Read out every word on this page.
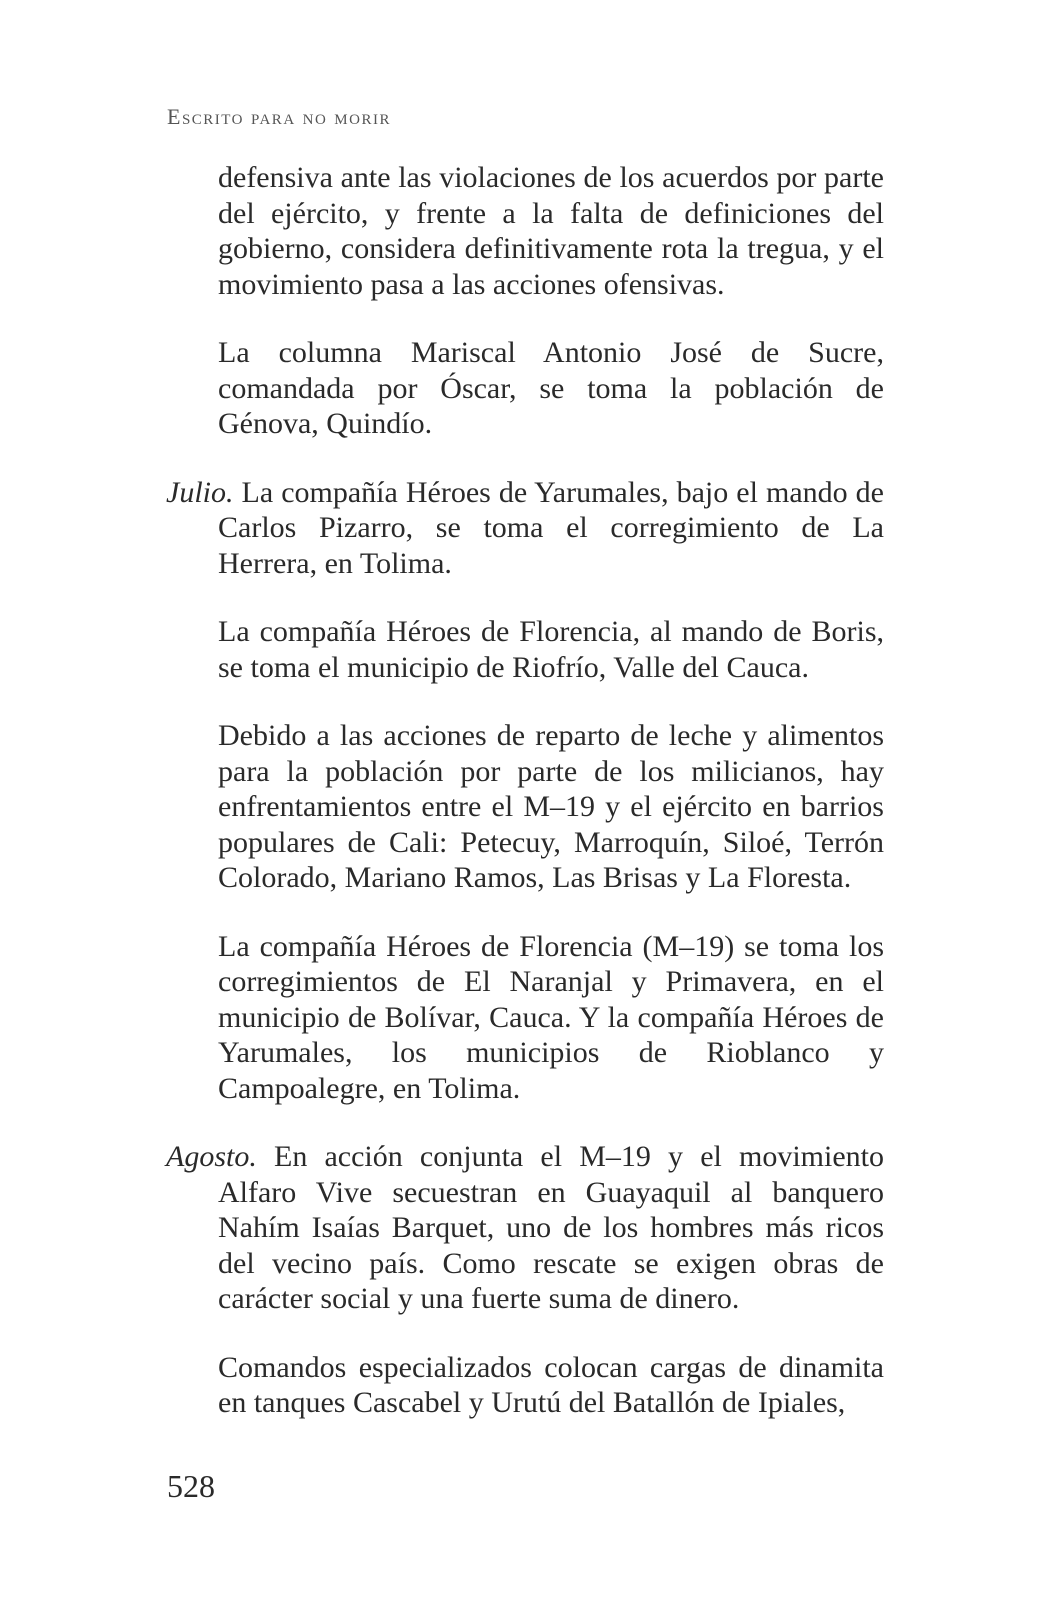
Escrito para no morir

defensiva ante las violaciones de los acuerdos por parte del ejército, y frente a la falta de definiciones del gobierno, considera definitivamente rota la tregua, y el movimiento pasa a las acciones ofensivas.

La columna Mariscal Antonio José de Sucre, comandada por Óscar, se toma la población de Génova, Quindío.

Julio. La compañía Héroes de Yarumales, bajo el mando de Carlos Pizarro, se toma el corregimiento de La Herrera, en Tolima.

La compañía Héroes de Florencia, al mando de Boris, se toma el municipio de Riofrío, Valle del Cauca.

Debido a las acciones de reparto de leche y alimentos para la población por parte de los milicianos, hay enfrentamientos entre el M–19 y el ejército en barrios populares de Cali: Petecuy, Marroquín, Siloé, Terrón Colorado, Mariano Ramos, Las Brisas y La Floresta.

La compañía Héroes de Florencia (M–19) se toma los corregimientos de El Naranjal y Primavera, en el municipio de Bolívar, Cauca. Y la compañía Héroes de Yarumales, los municipios de Rioblanco y Campoalegre, en Tolima.

Agosto. En acción conjunta el M–19 y el movimiento Alfaro Vive secuestran en Guayaquil al banquero Nahím Isaías Barquet, uno de los hombres más ricos del vecino país. Como rescate se exigen obras de carácter social y una fuerte suma de dinero.

Comandos especializados colocan cargas de dinamita en tanques Cascabel y Urutú del Batallón de Ipiales,

528
